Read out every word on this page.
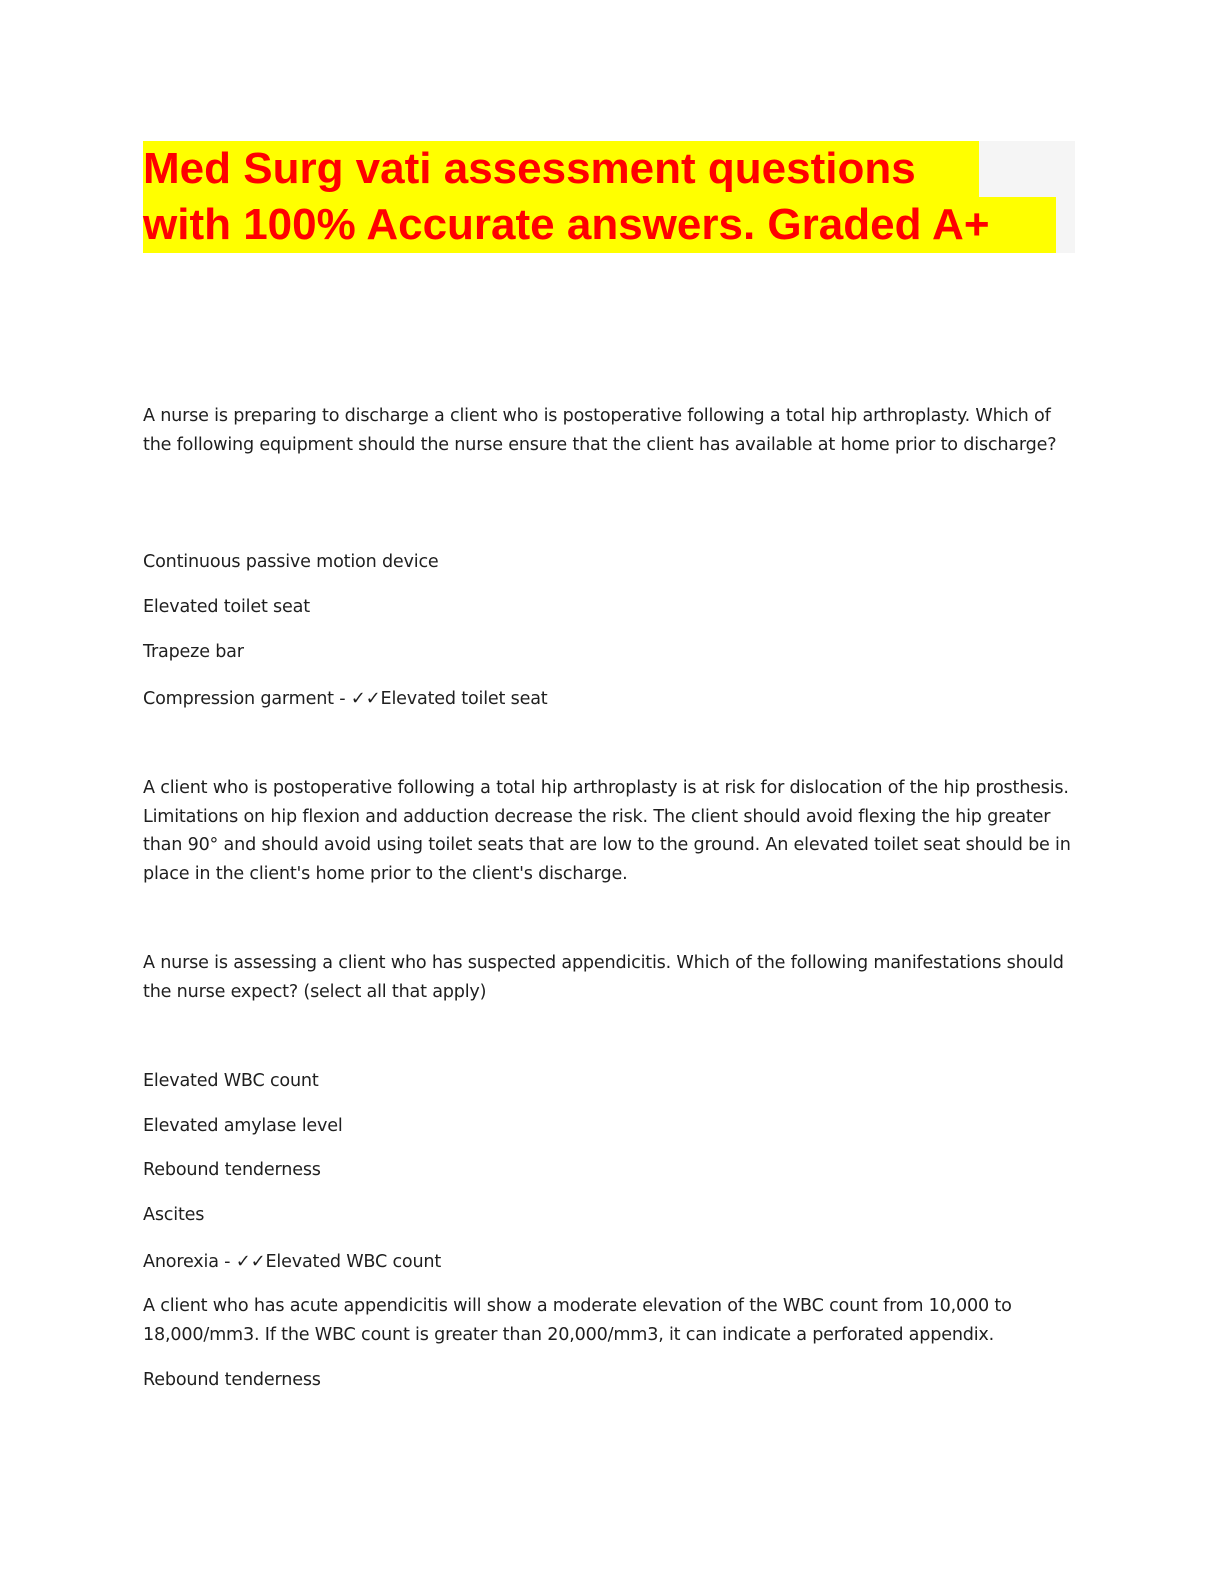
Med Surg vati assessment questions
with 100% Accurate answers. Graded A+
A nurse is preparing to discharge a client who is postoperative following a total hip arthroplasty. Which of the following equipment should the nurse ensure that the client has available at home prior to discharge?
Continuous passive motion device
Elevated toilet seat
Trapeze bar
Compression garment - ✓✓Elevated toilet seat
A client who is postoperative following a total hip arthroplasty is at risk for dislocation of the hip prosthesis. Limitations on hip flexion and adduction decrease the risk. The client should avoid flexing the hip greater than 90° and should avoid using toilet seats that are low to the ground. An elevated toilet seat should be in place in the client's home prior to the client's discharge.
A nurse is assessing a client who has suspected appendicitis. Which of the following manifestations should the nurse expect? (select all that apply)
Elevated WBC count
Elevated amylase level
Rebound tenderness
Ascites
Anorexia - ✓✓Elevated WBC count
A client who has acute appendicitis will show a moderate elevation of the WBC count from 10,000 to 18,000/mm3. If the WBC count is greater than 20,000/mm3, it can indicate a perforated appendix.
Rebound tenderness
